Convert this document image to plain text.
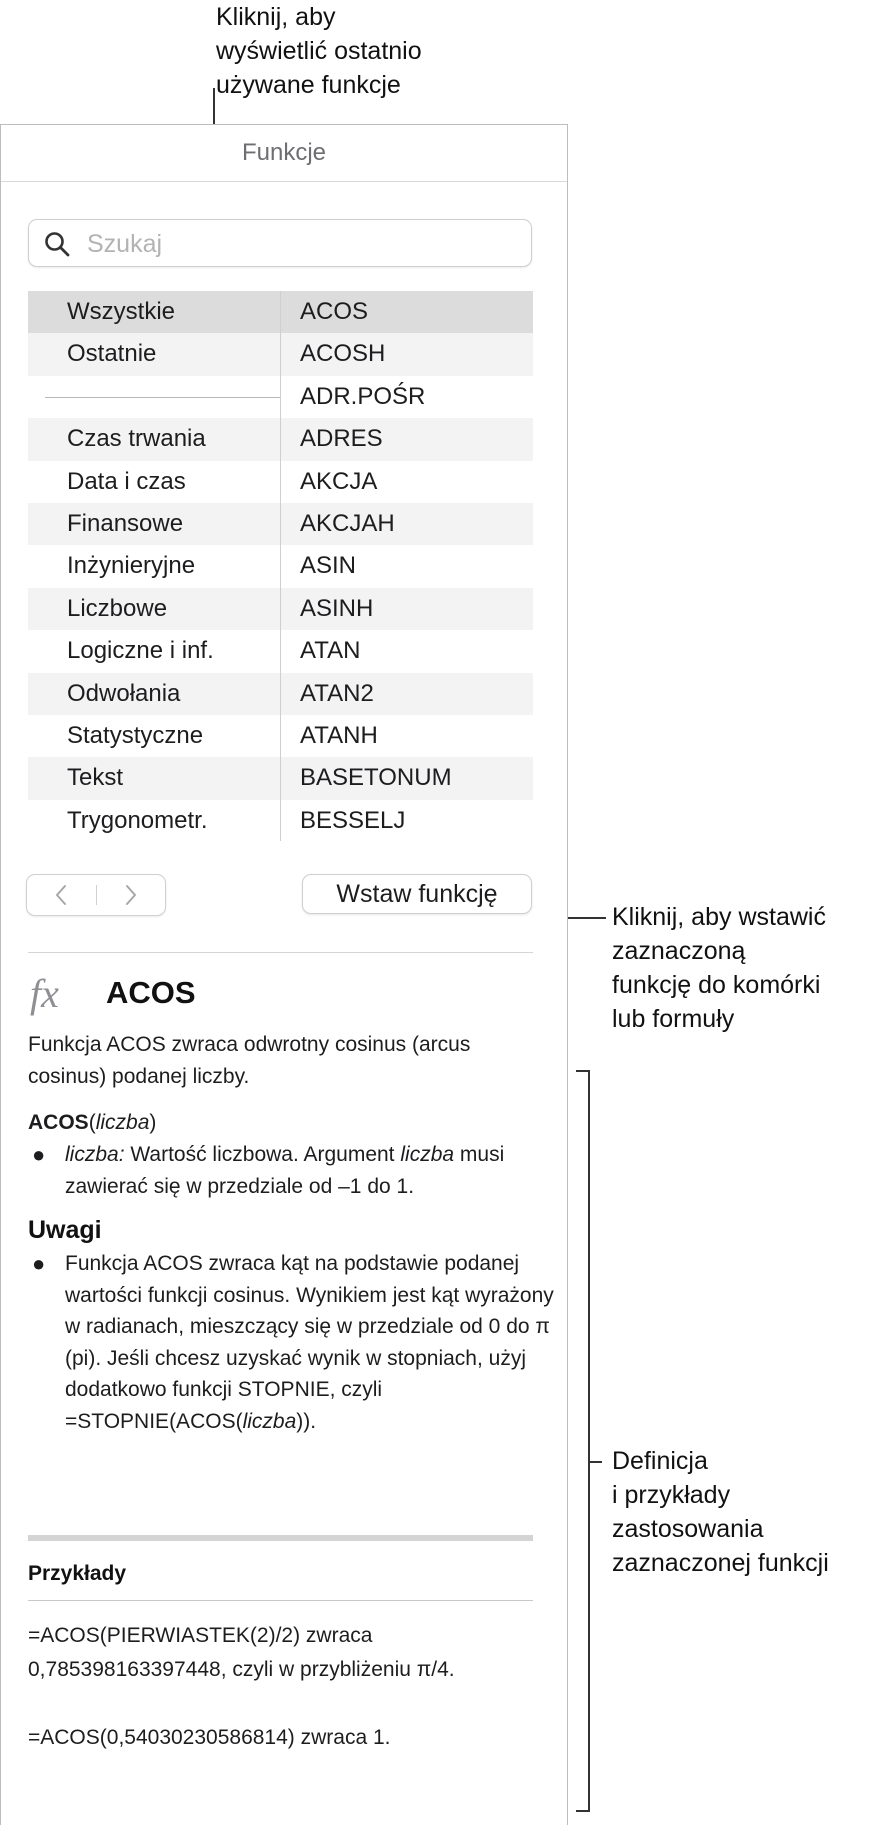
Kliknij, aby
wyświetlić ostatnio
używane funkcje
Kliknij, aby wstawić
zaznaczoną
funkcję do komórki
lub formuły
Definicja
i przykłady
zastosowania
zaznaczonej funkcji
Funkcje
Szukaj
Wszystkie
Ostatnie
Czas trwania
Data i czas
Finansowe
Inżynieryjne
Liczbowe
Logiczne i inf.
Odwołania
Statystyczne
Tekst
Trygonometr.
ACOS
ACOSH
ADR.POŚR
ADRES
AKCJA
AKCJAH
ASIN
ASINH
ATAN
ATAN2
ATANH
BASETONUM
BESSELJ
Wstaw funkcję
fx ACOS
Funkcja ACOS zwraca odwrotny cosinus (arcus cosinus) podanej liczby.
ACOS(liczba)
● liczba: Wartość liczbowa. Argument liczba musi zawierać się w przedziale od –1 do 1.
Uwagi
● Funkcja ACOS zwraca kąt na podstawie podanej wartości funkcji cosinus. Wynikiem jest kąt wyrażony w radianach, mieszczący się w przedziale od 0 do π (pi). Jeśli chcesz uzyskać wynik w stopniach, użyj dodatkowo funkcji STOPNIE, czyli =STOPNIE(ACOS(liczba)).
Przykłady
=ACOS(PIERWIASTEK(2)/2) zwraca 0,785398163397448, czyli w przybliżeniu π/4.
=ACOS(0,54030230586814) zwraca 1.
